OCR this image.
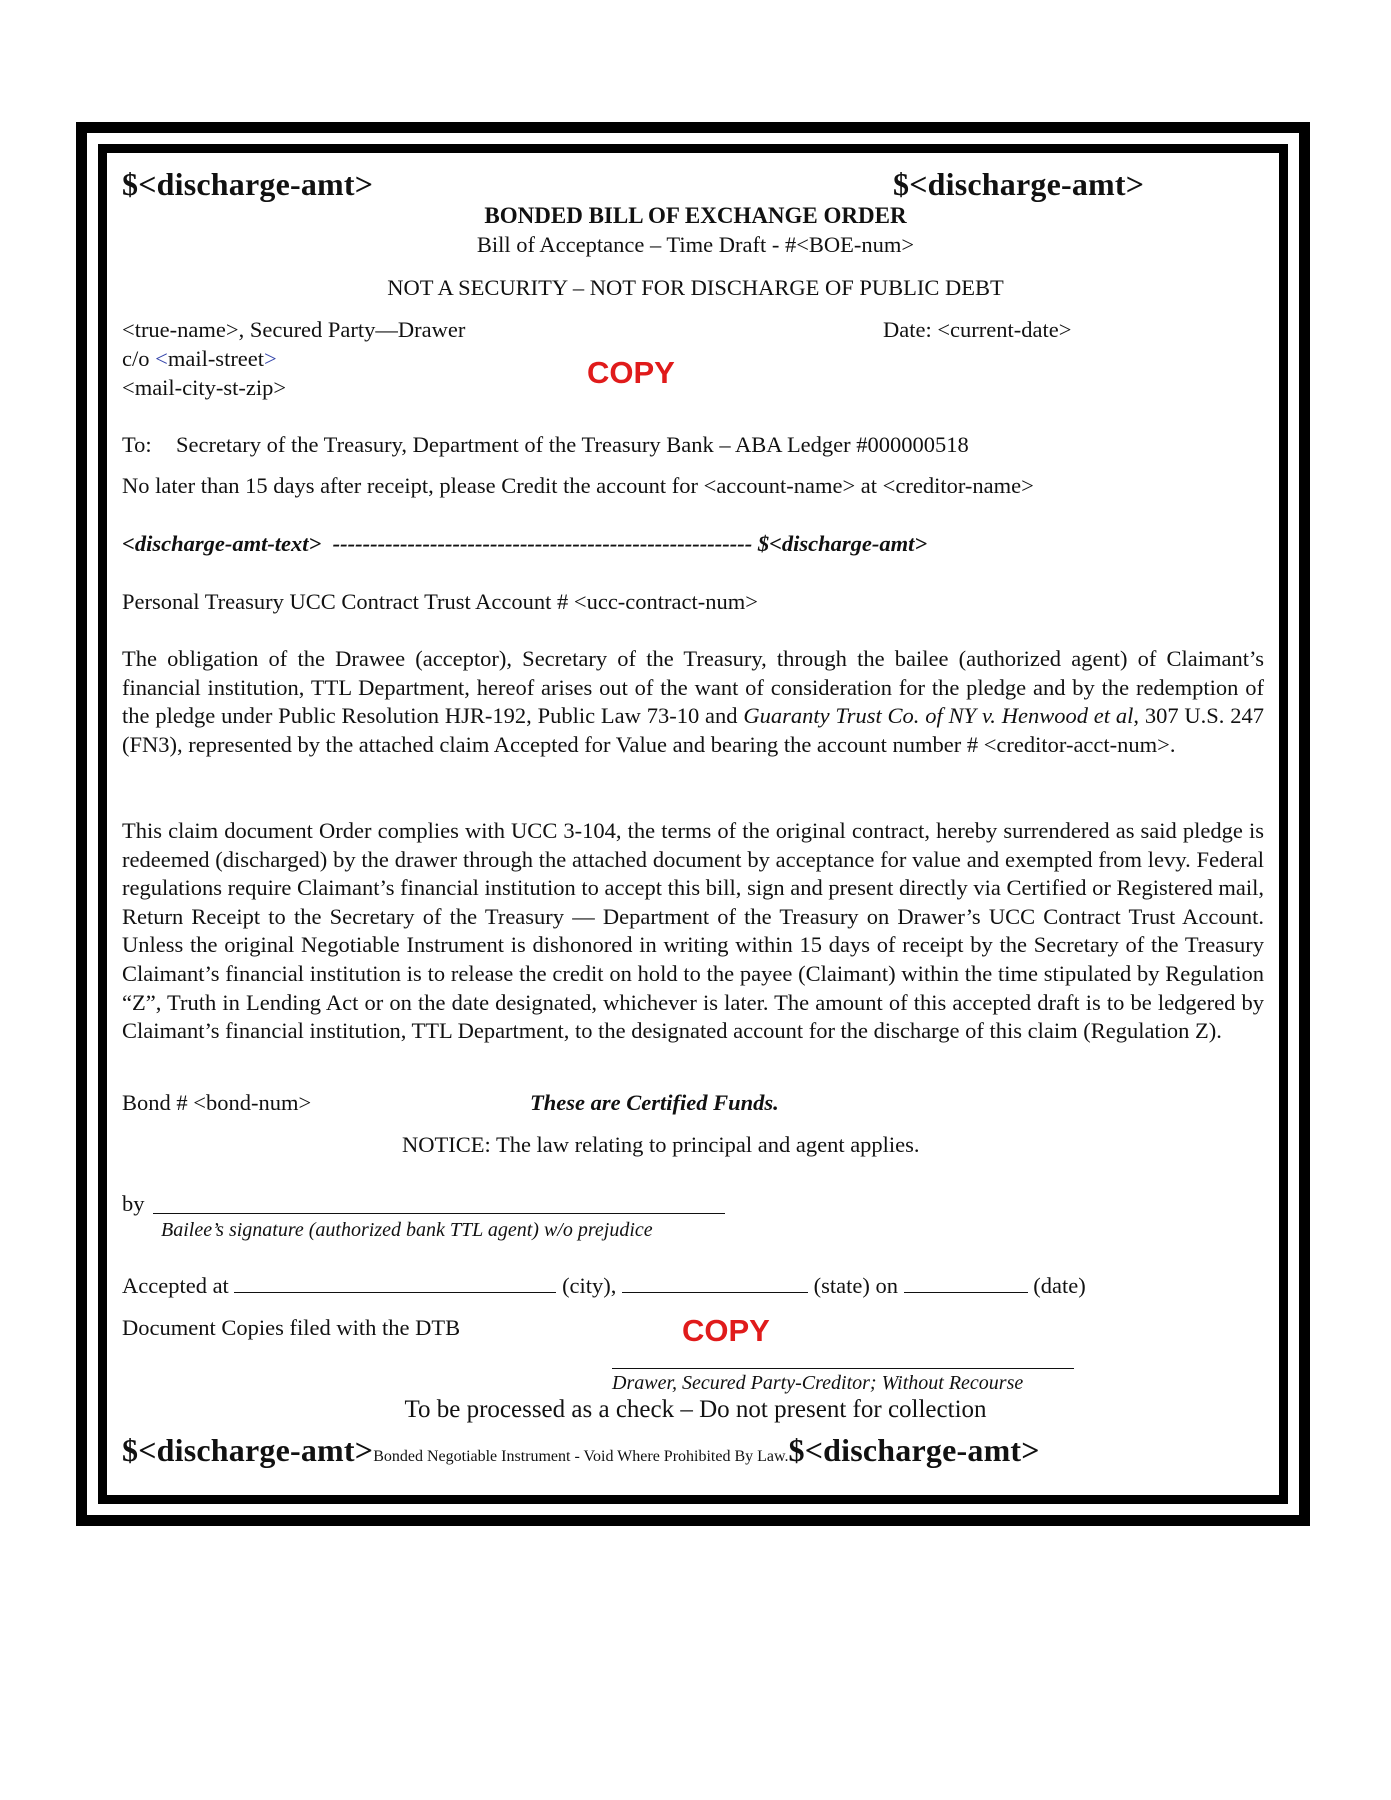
$<discharge-amt>	$<discharge-amt>
BONDED BILL OF EXCHANGE ORDER
Bill of Acceptance – Time Draft - #<BOE-num>
NOT A SECURITY – NOT FOR DISCHARGE OF PUBLIC DEBT
<true-name>, Secured Party—Drawer
c/o <mail-street>
<mail-city-st-zip>
Date: <current-date>
COPY
To: Secretary of the Treasury, Department of the Treasury Bank – ABA Ledger #000000518
No later than 15 days after receipt, please Credit the account for <account-name> at <creditor-name>
<discharge-amt-text> -------------------------------------------------------- $<discharge-amt>
Personal Treasury UCC Contract Trust Account # <ucc-contract-num>
The obligation of the Drawee (acceptor), Secretary of the Treasury, through the bailee (authorized agent) of Claimant’s financial institution, TTL Department, hereof arises out of the want of consideration for the pledge and by the redemption of the pledge under Public Resolution HJR-192, Public Law 73-10 and Guaranty Trust Co. of NY v. Henwood et al, 307 U.S. 247 (FN3), represented by the attached claim Accepted for Value and bearing the account number # <creditor-acct-num>.
This claim document Order complies with UCC 3-104, the terms of the original contract, hereby surrendered as said pledge is redeemed (discharged) by the drawer through the attached document by acceptance for value and exempted from levy. Federal regulations require Claimant’s financial institution to accept this bill, sign and present directly via Certified or Registered mail, Return Receipt to the Secretary of the Treasury — Department of the Treasury on Drawer’s UCC Contract Trust Account. Unless the original Negotiable Instrument is dishonored in writing within 15 days of receipt by the Secretary of the Treasury Claimant’s financial institution is to release the credit on hold to the payee (Claimant) within the time stipulated by Regulation “Z”, Truth in Lending Act or on the date designated, whichever is later. The amount of this accepted draft is to be ledgered by Claimant’s financial institution, TTL Department, to the designated account for the discharge of this claim (Regulation Z).
Bond # <bond-num>	These are Certified Funds.
NOTICE: The law relating to principal and agent applies.
by
Bailee’s signature (authorized bank TTL agent) w/o prejudice
Accepted at	(city),	(state) on	(date)
Document Copies filed with the DTB	COPY
Drawer, Secured Party-Creditor; Without Recourse
To be processed as a check – Do not present for collection
$<discharge-amt>Bonded Negotiable Instrument - Void Where Prohibited By Law.$<discharge-amt>
